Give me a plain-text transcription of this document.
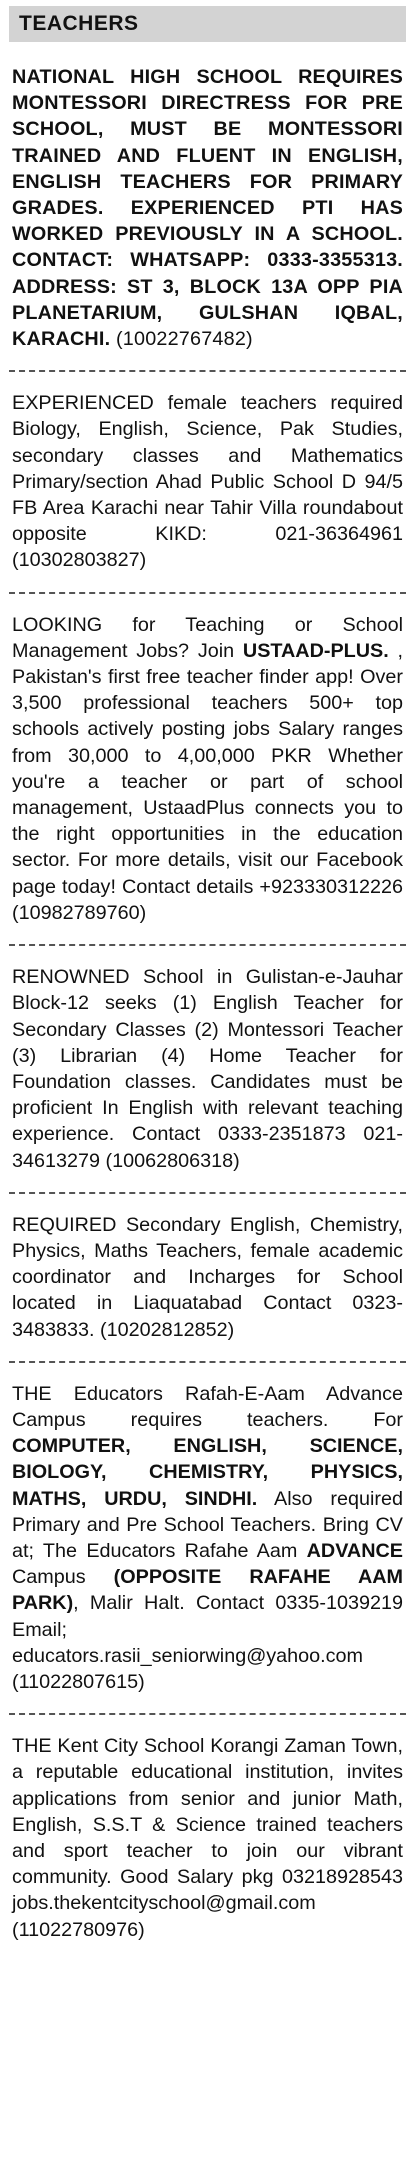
TEACHERS
NATIONAL HIGH SCHOOL REQUIRES MONTESSORI DIRECTRESS FOR PRE SCHOOL, MUST BE MONTESSORI TRAINED AND FLUENT IN ENGLISH, ENGLISH TEACHERS FOR PRIMARY GRADES. EXPERIENCED PTI HAS WORKED PREVIOUSLY IN A SCHOOL. CONTACT: WHATSAPP: 0333-3355313. ADDRESS: ST 3, BLOCK 13A OPP PIA PLANETARIUM, GULSHAN IQBAL, KARACHI. (10022767482)
EXPERIENCED female teachers required Biology, English, Science, Pak Studies, secondary classes and Mathematics Primary/section Ahad Public School D 94/5 FB Area Karachi near Tahir Villa roundabout opposite KIKD: 021-36364961 (10302803827)
LOOKING for Teaching or School Management Jobs? Join USTAAD-PLUS. , Pakistan's first free teacher finder app! Over 3,500 professional teachers 500+ top schools actively posting jobs Salary ranges from 30,000 to 4,00,000 PKR Whether you're a teacher or part of school management, UstaadPlus connects you to the right opportunities in the education sector. For more details, visit our Facebook page today! Contact details +923330312226 (10982789760)
RENOWNED School in Gulistan-e-Jauhar Block-12 seeks (1) English Teacher for Secondary Classes (2) Montessori Teacher (3) Librarian (4) Home Teacher for Foundation classes. Candidates must be proficient In English with relevant teaching experience. Contact 0333-2351873 021-34613279 (10062806318)
REQUIRED Secondary English, Chemistry, Physics, Maths Teachers, female academic coordinator and Incharges for School located in Liaquatabad Contact 0323-3483833. (10202812852)
THE Educators Rafah-E-Aam Advance Campus requires teachers. For COMPUTER, ENGLISH, SCIENCE, BIOLOGY, CHEMISTRY, PHYSICS, MATHS, URDU, SINDHI. Also required Primary and Pre School Teachers. Bring CV at; The Educators Rafahe Aam ADVANCE Campus (OPPOSITE RAFAHE AAM PARK), Malir Halt. Contact 0335-1039219 Email; educators.rasii_seniorwing@yahoo.com (11022807615)
THE Kent City School Korangi Zaman Town, a reputable educational institution, invites applications from senior and junior Math, English, S.S.T & Science trained teachers and sport teacher to join our vibrant community. Good Salary pkg 03218928543 jobs.thekentcityschool@gmail.com (11022780976)
